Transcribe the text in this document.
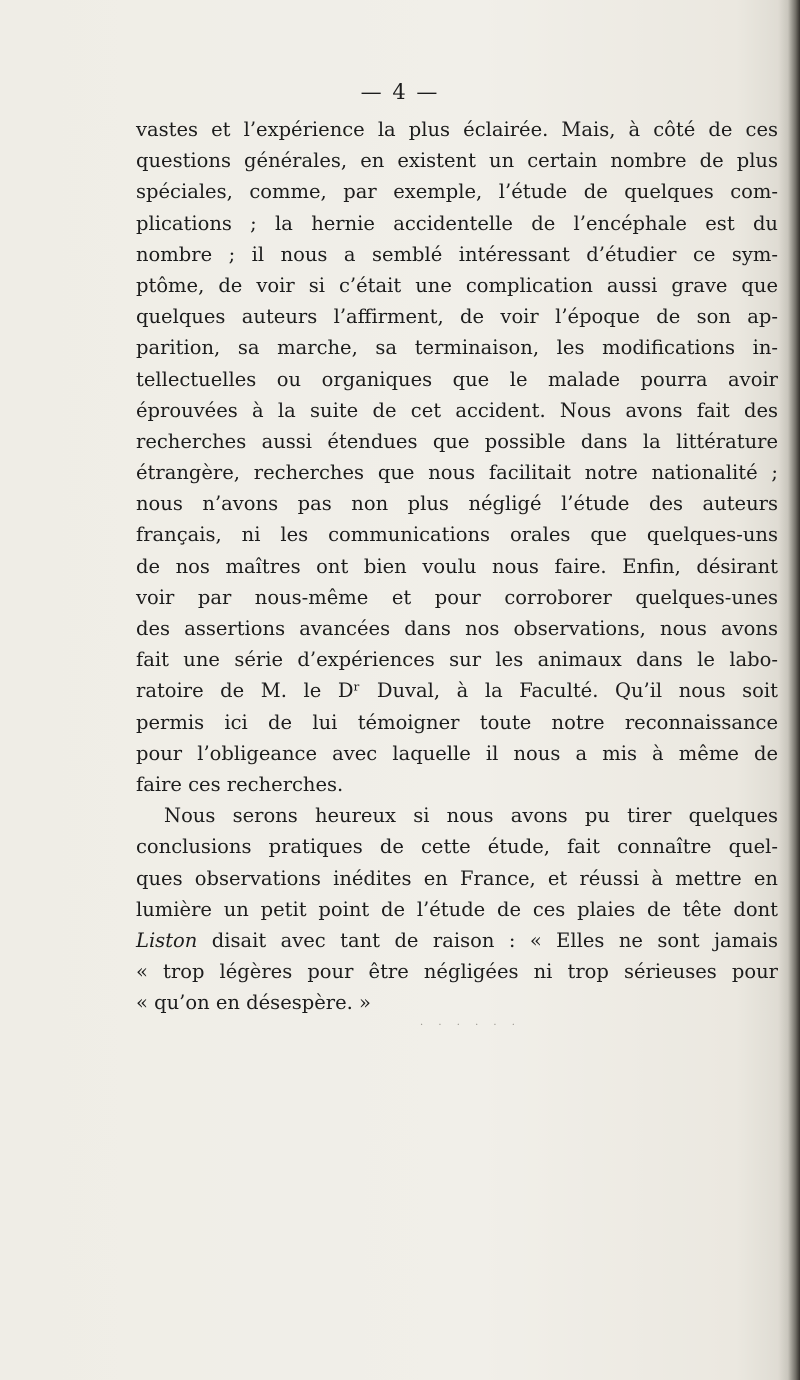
— 4 —
vastes et l’expérience la plus éclairée. Mais, à côté de ces
questions générales, en existent un certain nombre de plus
spéciales, comme, par exemple, l’étude de quelques com-
plications ; la hernie accidentelle de l’encéphale est du
nombre ; il nous a semblé intéressant d’étudier ce sym-
ptôme, de voir si c’était une complication aussi grave que
quelques auteurs l’affirment, de voir l’époque de son ap-
parition, sa marche, sa terminaison, les modifications in-
tellectuelles ou organiques que le malade pourra avoir
éprouvées à la suite de cet accident. Nous avons fait des
recherches aussi étendues que possible dans la littérature
étrangère, recherches que nous facilitait notre nationalité ;
nous n’avons pas non plus négligé l’étude des auteurs
français, ni les communications orales que quelques-uns
de nos maîtres ont bien voulu nous faire. Enfin, désirant
voir par nous-même et pour corroborer quelques-unes
des assertions avancées dans nos observations, nous avons
fait une série d’expériences sur les animaux dans le labo-
ratoire de M. le Dʳ Duval, à la Faculté. Qu’il nous soit
permis ici de lui témoigner toute notre reconnaissance
pour l’obligeance avec laquelle il nous a mis à même de
faire ces recherches.
Nous serons heureux si nous avons pu tirer quelques
conclusions pratiques de cette étude, fait connaître quel-
ques observations inédites en France, et réussi à mettre en
lumière un petit point de l’étude de ces plaies de tête dont
Liston disait avec tant de raison : « Elles ne sont jamais
« trop légères pour être négligées ni trop sérieuses pour
« qu’on en désespère. »
· · · · · ·
